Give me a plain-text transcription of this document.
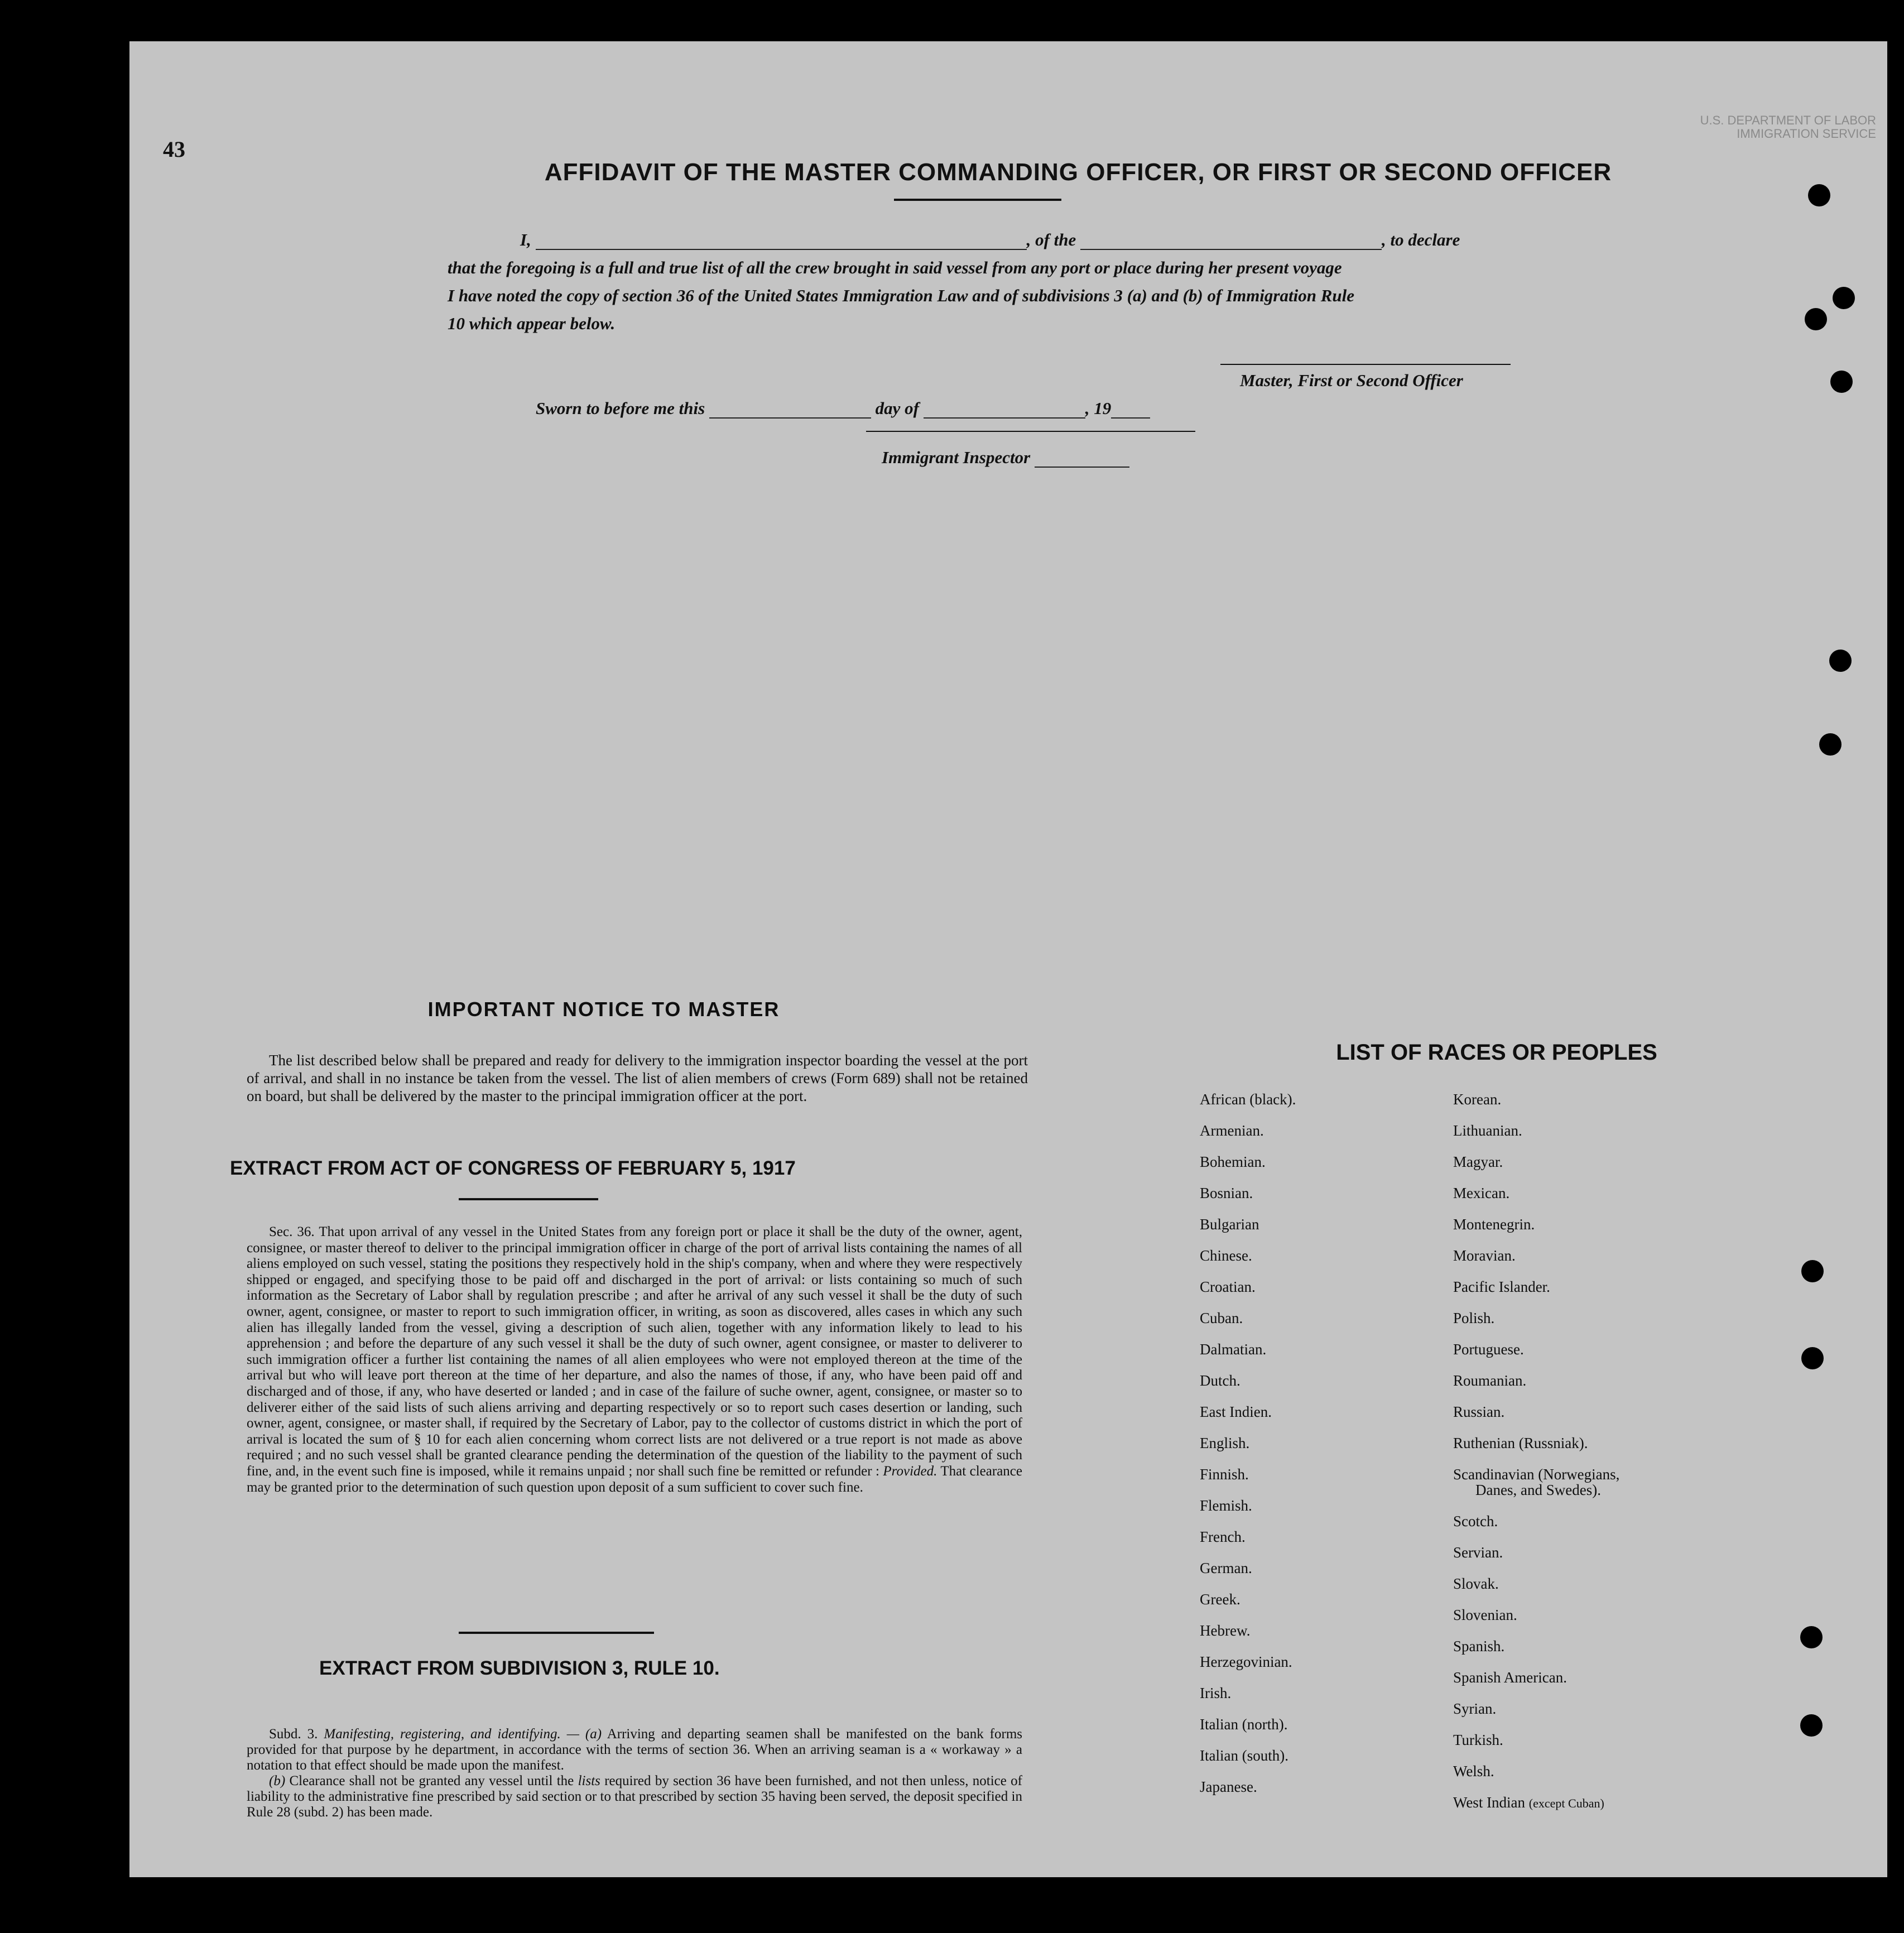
U.S. DEPARTMENT OF LABOR
IMMIGRATION SERVICE
43
AFFIDAVIT OF THE MASTER COMMANDING OFFICER, OR FIRST OR SECOND OFFICER
I,	, of the	, to declare
that the foregoing is a full and true list of all the crew brought in said vessel from any port or place during her present voyage
I have noted the copy of section 36 of the United States Immigration Law and of subdivisions 3 (a) and (b) of Immigration Rule
10 which appear below.
Master, First or Second Officer
Sworn to before me this	day of	, 19
Immigrant Inspector
IMPORTANT NOTICE TO MASTER
The list described below shall be prepared and ready for delivery to the immigration inspector boarding the vessel at the port of arrival, and shall in no instance be taken from the vessel. The list of alien members of crews (Form 689) shall not be retained on board, but shall be delivered by the master to the principal immigration officer at the port.
EXTRACT FROM ACT OF CONGRESS OF FEBRUARY 5, 1917
Sec. 36. That upon arrival of any vessel in the United States from any foreign port or place it shall be the duty of the owner, agent, consignee, or master thereof to deliver to the principal immigration officer in charge of the port of arrival lists containing the names of all aliens employed on such vessel, stating the positions they respectively hold in the ship's company, when and where they were respectively shipped or engaged, and specifying those to be paid off and discharged in the port of arrival: or lists containing so much of such information as the Secretary of Labor shall by regulation prescribe ; and after he arrival of any such vessel it shall be the duty of such owner, agent, consignee, or master to report to such immigration officer, in writing, as soon as discovered, alles cases in which any such alien has illegally landed from the vessel, giving a description of such alien, together with any information likely to lead to his apprehension ; and before the departure of any such vessel it shall be the duty of such owner, agent consignee, or master to deliverer to such immigration officer a further list containing the names of all alien employees who were not employed thereon at the time of the arrival but who will leave port thereon at the time of her departure, and also the names of those, if any, who have been paid off and discharged and of those, if any, who have deserted or landed ; and in case of the failure of suche owner, agent, consignee, or master so to deliverer either of the said lists of such aliens arriving and departing respectively or so to report such cases desertion or landing, such owner, agent, consignee, or master shall, if required by the Secretary of Labor, pay to the collector of customs district in which the port of arrival is located the sum of § 10 for each alien concerning whom correct lists are not delivered or a true report is not made as above required ; and no such vessel shall be granted clearance pending the determination of the question of the liability to the payment of such fine, and, in the event such fine is imposed, while it remains unpaid ; nor shall such fine be remitted or refunder : Provided. That clearance may be granted prior to the determination of such question upon deposit of a sum sufficient to cover such fine.
EXTRACT FROM SUBDIVISION 3, RULE 10.

Subd. 3. Manifesting, registering, and identifying. — (a) Arriving and departing seamen shall be manifested on the bank forms provided for that purpose by he department, in accordance with the terms of section 36. When an arriving seaman is a « workaway » a notation to that effect should be made upon the manifest.

(b) Clearance shall not be granted any vessel until the lists required by section 36 have been furnished, and not then unless, notice of liability to the administrative fine prescribed by said section or to that prescribed by section 35 having been served, the deposit specified in Rule 28 (subd. 2) has been made.

LIST OF RACES OR PEOPLES
African (black).
Armenian.
Bohemian.
Bosnian.
Bulgarian
Chinese.
Croatian.
Cuban.
Dalmatian.
Dutch.
East Indien.
English.
Finnish.
Flemish.
French.
German.
Greek.
Hebrew.
Herzegovinian.
Irish.
Italian (north).
Italian (south).
Japanese.
Korean.
Lithuanian.
Magyar.
Mexican.
Montenegrin.
Moravian.
Pacific Islander.
Polish.
Portuguese.
Roumanian.
Russian.
Ruthenian (Russniak).
Scandinavian (Norwegians,
Danes, and Swedes).
Scotch.
Servian.
Slovak.
Slovenian.
Spanish.
Spanish American.
Syrian.
Turkish.
Welsh.
West Indian (except Cuban)
